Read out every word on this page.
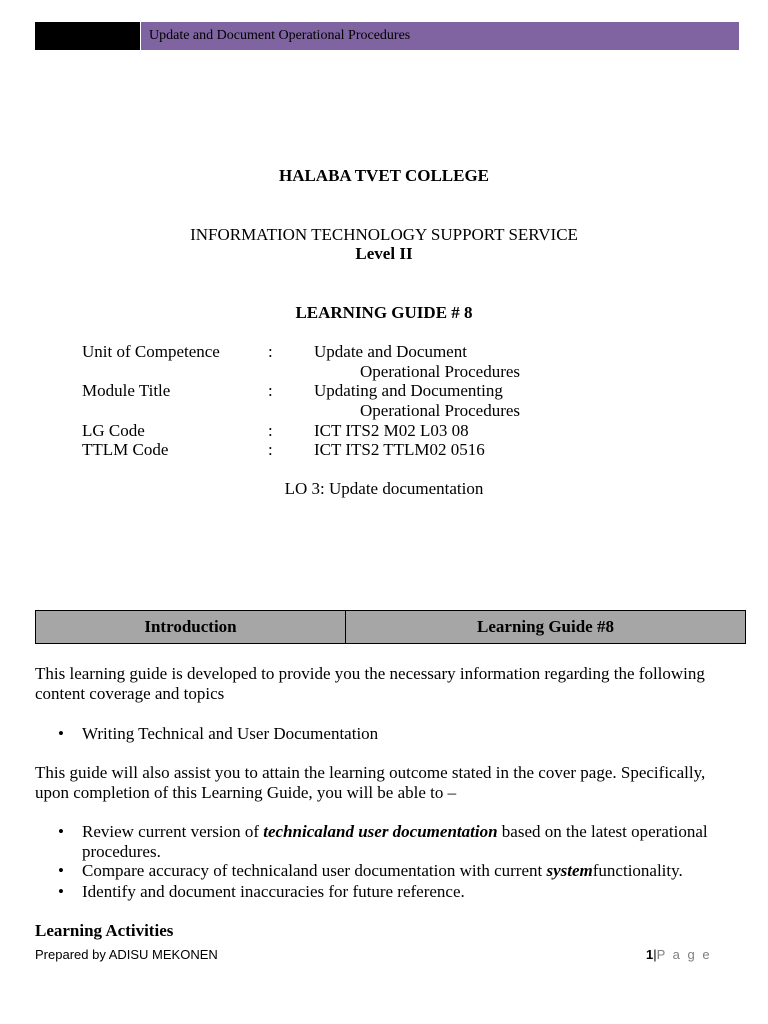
Update and Document Operational Procedures
HALABA TVET COLLEGE
INFORMATION TECHNOLOGY SUPPORT SERVICE
Level II
LEARNING GUIDE # 8
Unit of Competence	: Update and Document
Operational Procedures
Module Title	: Updating and Documenting
Operational Procedures
LG Code	: ICT ITS2 M02 L03 08
TTLM Code	: ICT ITS2 TTLM02 0516
LO 3: Update documentation
Introduction	Learning Guide #8
This learning guide is developed to provide you the necessary information regarding the following content coverage and topics
• Writing Technical and User Documentation
This guide will also assist you to attain the learning outcome stated in the cover page. Specifically, upon completion of this Learning Guide, you will be able to –
• Review current version of technicaland user documentation based on the latest operational procedures.
• Compare accuracy of technicaland user documentation with current systemfunctionality.
• Identify and document inaccuracies for future reference.
Learning Activities
Prepared by ADISU MEKONEN	1|P a g e
